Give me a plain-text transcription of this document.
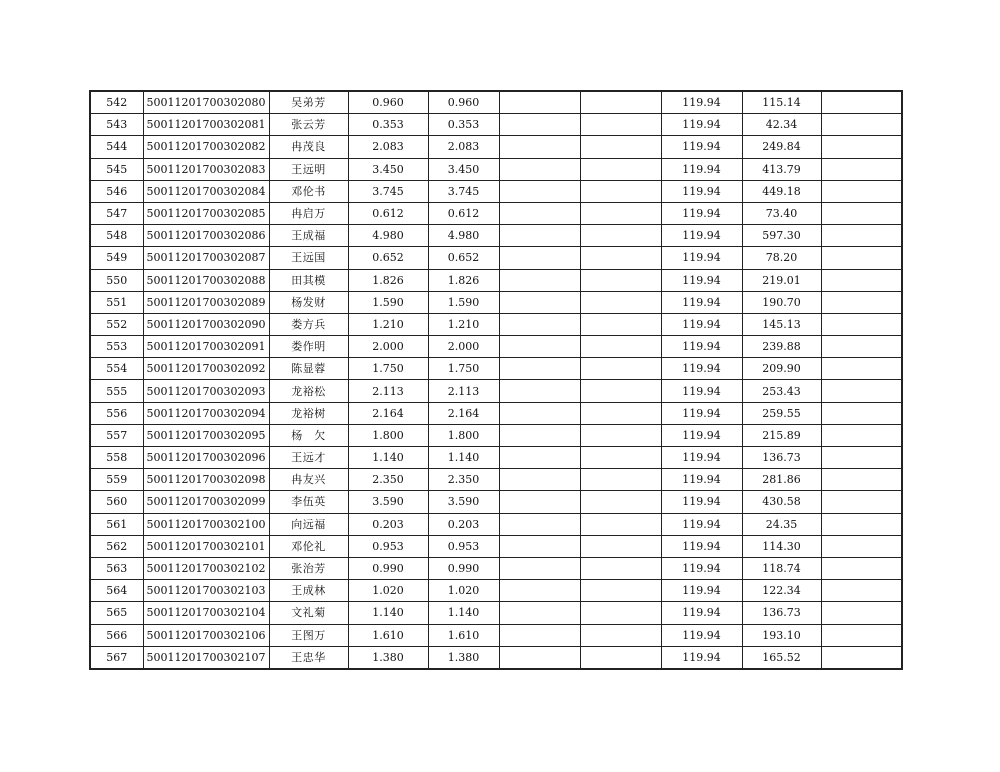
542	50011201700302080	吴弟芳	0.960	0.960			119.94	115.14	
543	50011201700302081	张云芳	0.353	0.353			119.94	42.34	
544	50011201700302082	冉茂良	2.083	2.083			119.94	249.84	
545	50011201700302083	王远明	3.450	3.450			119.94	413.79	
546	50011201700302084	邓伦书	3.745	3.745			119.94	449.18	
547	50011201700302085	冉启万	0.612	0.612			119.94	73.40	
548	50011201700302086	王成福	4.980	4.980			119.94	597.30	
549	50011201700302087	王远国	0.652	0.652			119.94	78.20	
550	50011201700302088	田其模	1.826	1.826			119.94	219.01	
551	50011201700302089	杨发财	1.590	1.590			119.94	190.70	
552	50011201700302090	娄方兵	1.210	1.210			119.94	145.13	
553	50011201700302091	娄作明	2.000	2.000			119.94	239.88	
554	50011201700302092	陈显蓉	1.750	1.750			119.94	209.90	
555	50011201700302093	龙裕松	2.113	2.113			119.94	253.43	
556	50011201700302094	龙裕树	2.164	2.164			119.94	259.55	
557	50011201700302095	杨　欠	1.800	1.800			119.94	215.89	
558	50011201700302096	王远才	1.140	1.140			119.94	136.73	
559	50011201700302098	冉友兴	2.350	2.350			119.94	281.86	
560	50011201700302099	李伍英	3.590	3.590			119.94	430.58	
561	50011201700302100	向远福	0.203	0.203			119.94	24.35	
562	50011201700302101	邓伦礼	0.953	0.953			119.94	114.30	
563	50011201700302102	张治芳	0.990	0.990			119.94	118.74	
564	50011201700302103	王成林	1.020	1.020			119.94	122.34	
565	50011201700302104	文礼菊	1.140	1.140			119.94	136.73	
566	50011201700302106	王图万	1.610	1.610			119.94	193.10	
567	50011201700302107	王忠华	1.380	1.380			119.94	165.52	
